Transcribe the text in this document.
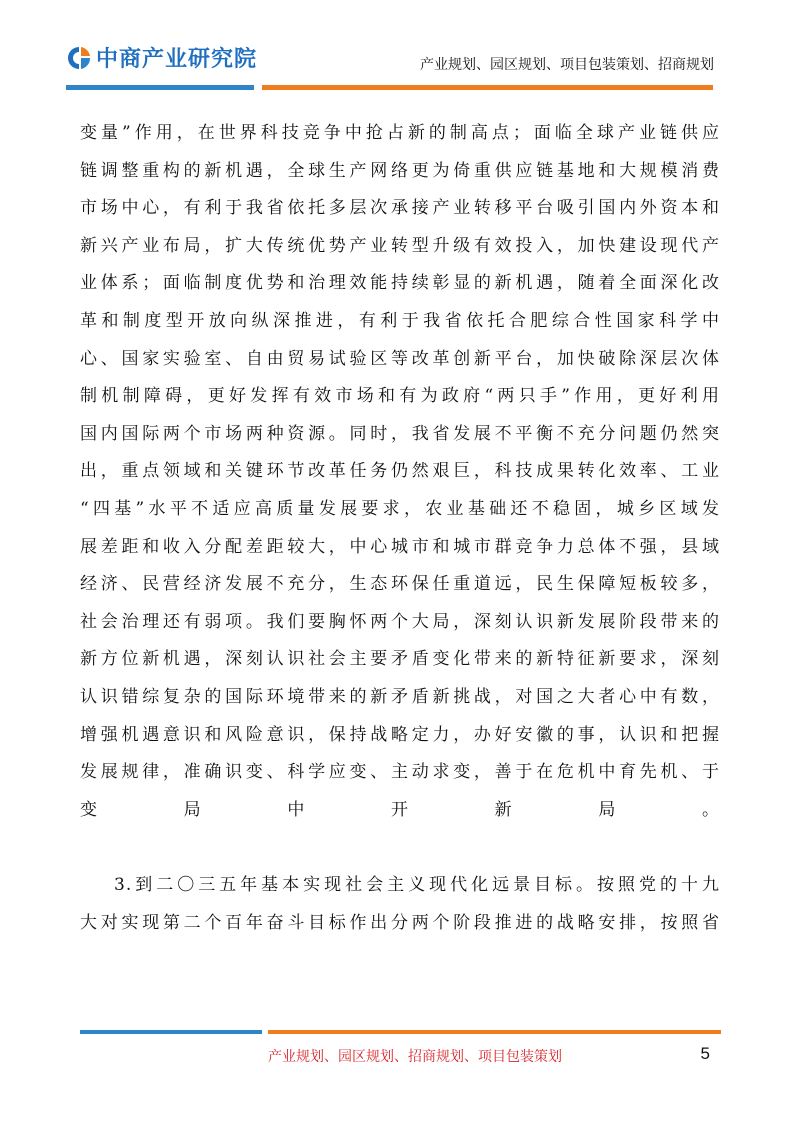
中商产业研究院	产业规划、园区规划、项目包装策划、招商规划
变量”作用，在世界科技竞争中抢占新的制高点；面临全球产业链供应
链调整重构的新机遇，全球生产网络更为倚重供应链基地和大规模消费
市场中心，有利于我省依托多层次承接产业转移平台吸引国内外资本和
新兴产业布局，扩大传统优势产业转型升级有效投入，加快建设现代产
业体系；面临制度优势和治理效能持续彰显的新机遇，随着全面深化改
革和制度型开放向纵深推进，有利于我省依托合肥综合性国家科学中
心、国家实验室、自由贸易试验区等改革创新平台，加快破除深层次体
制机制障碍，更好发挥有效市场和有为政府“两只手”作用，更好利用
国内国际两个市场两种资源。同时，我省发展不平衡不充分问题仍然突
出，重点领域和关键环节改革任务仍然艰巨，科技成果转化效率、工业
“四基”水平不适应高质量发展要求，农业基础还不稳固，城乡区域发
展差距和收入分配差距较大，中心城市和城市群竞争力总体不强，县域
经济、民营经济发展不充分，生态环保任重道远，民生保障短板较多，
社会治理还有弱项。我们要胸怀两个大局，深刻认识新发展阶段带来的
新方位新机遇，深刻认识社会主要矛盾变化带来的新特征新要求，深刻
认识错综复杂的国际环境带来的新矛盾新挑战，对国之大者心中有数，
增强机遇意识和风险意识，保持战略定力，办好安徽的事，认识和把握
发展规律，准确识变、科学应变、主动求变，善于在危机中育先机、于
变局中开新局。
3.到二〇三五年基本实现社会主义现代化远景目标。按照党的十九
大对实现第二个百年奋斗目标作出分两个阶段推进的战略安排，按照省
产业规划、园区规划、招商规划、项目包装策划	5
